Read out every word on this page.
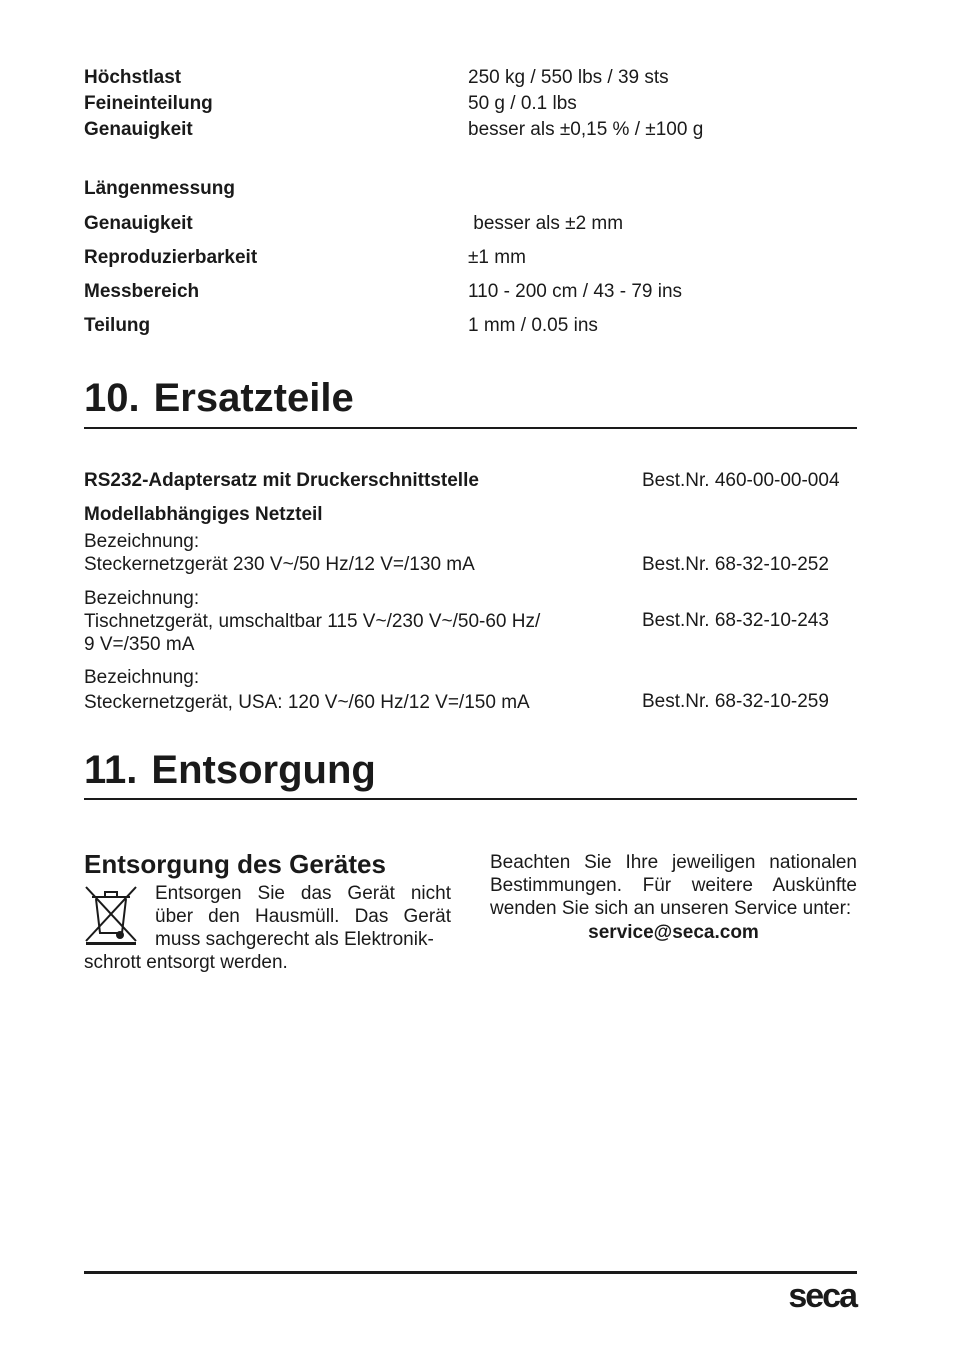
Höchstlast	250 kg / 550 lbs / 39 sts
Feineinteilung	50 g / 0.1 lbs
Genauigkeit	besser als ±0,15 % / ±100 g
Längenmessung
Genauigkeit	besser als ±2 mm
Reproduzierbarkeit	±1 mm
Messbereich	110 - 200 cm / 43 - 79 ins
Teilung	1 mm / 0.05 ins
10. Ersatzteile
RS232-Adaptersatz mit Druckerschnittstelle	Best.Nr. 460-00-00-004
Modellabhängiges Netzteil
Bezeichnung:
Steckernetzgerät 230 V~/50 Hz/12 V=/130 mA	Best.Nr. 68-32-10-252
Bezeichnung:
Tischnetzgerät, umschaltbar 115 V~/230 V~/50-60 Hz/
9 V=/350 mA
Best.Nr. 68-32-10-243
Bezeichnung:
Steckernetzgerät, USA: 120 V~/60 Hz/12 V=/150 mA	Best.Nr. 68-32-10-259
11. Entsorgung
Entsorgung des Gerätes
Entsorgen Sie das Gerät nicht über den Hausmüll. Das Gerät muss sachgerecht als Elektronik-
schrott entsorgt werden.
Beachten Sie Ihre jeweiligen nationalen Bestimmungen. Für weitere Auskünfte wenden Sie sich an unseren Service unter:
service@seca.com
seca
